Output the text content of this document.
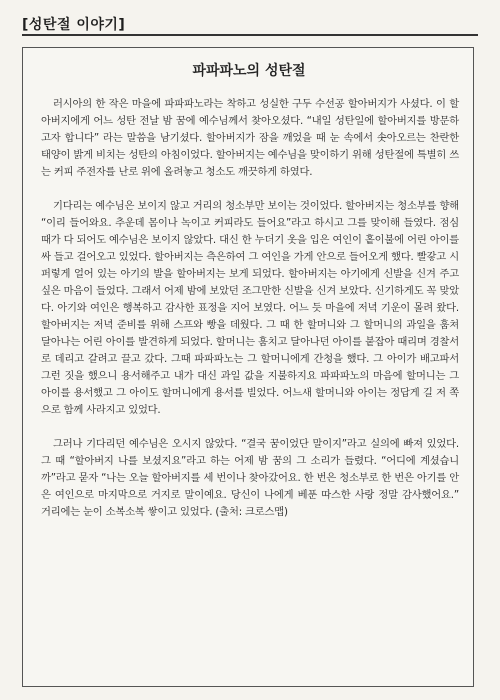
[성탄절 이야기]
파파파노의 성탄절

러시아의 한 작은 마을에 파파파노라는 착하고 성실한 구두 수선공 할아버지가 사셨다. 이 할아버지에게 어느 성탄 전날 밤 꿈에 예수님께서 찾아오셨다. “내일 성탄일에 할아버지를 방문하고자 합니다” 라는 말씀을 남기셨다. 할아버지가 잠을 깨었을 때 눈 속에서 솟아오르는 찬란한 태양이 밝게 비치는 성탄의 아침이었다. 할아버지는 예수님을 맞이하기 위해 성탄절에 특별히 쓰는 커피 주전자를 난로 위에 올려놓고 청소도 깨끗하게 하였다.

기다리는 예수님은 보이지 않고 거리의 청소부만 보이는 것이었다. 할아버지는 청소부를 향해 “이리 들어와요. 추운데 몸이나 녹이고 커피라도 들어요”라고 하시고 그를 맞이해 들였다. 점심 때가 다 되어도 예수님은 보이지 않았다. 대신 한 누더기 옷을 입은 여인이 홑이불에 어린 아이를 싸 들고 걸어오고 있었다. 할아버지는 측은하여 그 여인을 가게 안으로 들어오게 했다. 빨갛고 시퍼렇게 얼어 있는 아기의 발을 할아버지는 보게 되었다. 할아버지는 아기에게 신발을 신겨 주고 싶은 마음이 들었다. 그래서 어제 밤에 보았던 조그만한 신발을 신겨 보았다. 신기하게도 꼭 맞았다. 아기와 여인은 행복하고 감사한 표정을 지어 보였다. 어느 듯 마을에 저녁 기운이 몰려 왔다. 할아버지는 저녁 준비를 위해 스프와 빵을 데웠다. 그 때 한 할머니와 그 할머니의 과일을 훔쳐 달아나는 어린 아이를 발견하게 되었다. 할머니는 훔치고 달아나던 아이를 붙잡아 때리며 경찰서로 데리고 갈려고 끌고 갔다. 그때 파파파노는 그 할머니에게 간청을 했다. 그 아이가 배고파서 그런 짓을 했으니 용서해주고 내가 대신 과일 값을 지불하지요 파파파노의 마음에 할머니는 그 아이를 용서했고 그 아이도 할머니에게 용서를 빌었다. 어느새 할머니와 아이는 정답게 길 저 쪽으로 함께 사라지고 있었다.

그러나 기다리던 예수님은 오시지 않았다. “결국 꿈이었단 말이지”라고 실의에 빠져 있었다. 그 때 “할아버지 나를 보셨지요”라고 하는 어제 밤 꿈의 그 소리가 들렸다. “어디에 계셨습니까”라고 묻자 “나는 오늘 할아버지를 세 번이나 찾아갔어요. 한 번은 청소부로 한 번은 아기를 안은 여인으로 마지막으로 거지로 말이예요. 당신이 나에게 베푼 따스한 사랑 정말 감사했어요.” 거리에는 눈이 소복소복 쌓이고 있었다. (출처: 크로스맵)
